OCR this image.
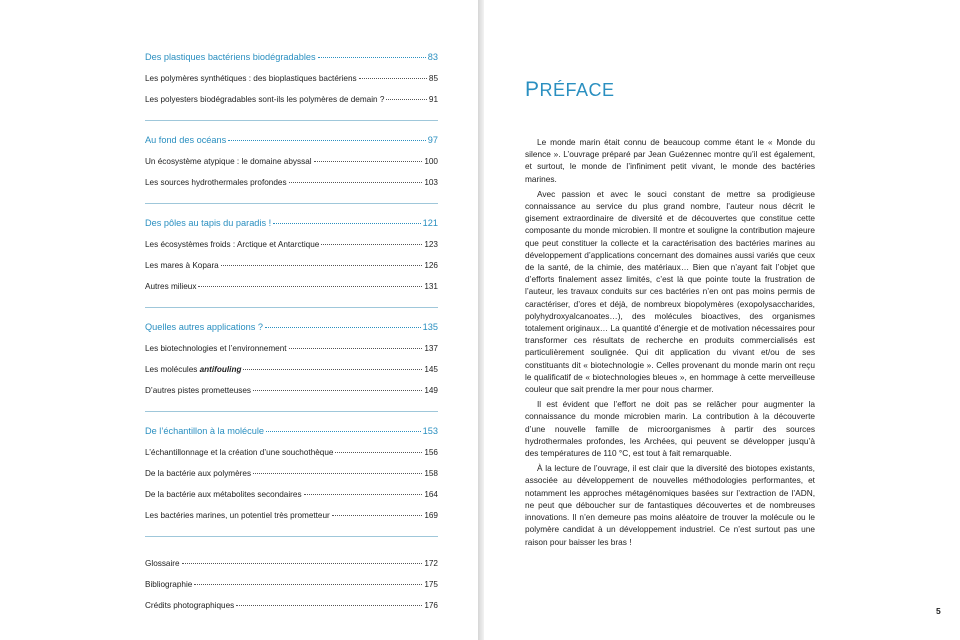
Des plastiques bactériens biodégradables	83
Les polymères synthétiques : des bioplastiques bactériens	85
Les polyesters biodégradables sont-ils les polymères de demain ?	91
Au fond des océans	97
Un écosystème atypique : le domaine abyssal	100
Les sources hydrothermales profondes	103
Des pôles au tapis du paradis !	121
Les écosystèmes froids : Arctique et Antarctique	123
Les mares à Kopara	126
Autres milieux	131
Quelles autres applications ?	135
Les biotechnologies et l’environnement	137
Les molécules antifouling	145
D’autres pistes prometteuses	149
De l’échantillon à la molécule	153
L’échantillonnage et la création d’une souchothèque	156
De la bactérie aux polymères	158
De la bactérie aux métabolites secondaires	164
Les bactéries marines, un potentiel très prometteur	169
Glossaire	172
Bibliographie	175
Crédits photographiques	176
PRÉFACE

Le monde marin était connu de beaucoup comme étant le « Monde du silence ». L’ouvrage préparé par Jean Guézennec montre qu’il est également, et surtout, le monde de l’infiniment petit vivant, le monde des bactéries marines.

Avec passion et avec le souci constant de mettre sa prodigieuse connaissance au service du plus grand nombre, l’auteur nous décrit le gisement extraordinaire de diversité et de découvertes que constitue cette composante du monde microbien. Il montre et souligne la contribution majeure que peut constituer la collecte et la caractérisation des bactéries marines au développement d’applications concernant des domaines aussi variés que ceux de la santé, de la chimie, des matériaux… Bien que n’ayant fait l’objet que d’efforts finalement assez limités, c’est là que pointe toute la frustration de l’auteur, les travaux conduits sur ces bactéries n’en ont pas moins permis de caractériser, d’ores et déjà, de nombreux biopolymères (exopolysaccharides, polyhydroxyalcanoates…), des molécules bioactives, des organismes totalement originaux… La quantité d’énergie et de motivation nécessaires pour transformer ces résultats de recherche en produits commercialisés est particulièrement soulignée. Qui dit application du vivant et/ou de ses constituants dit « biotechnologie ». Celles provenant du monde marin ont reçu le qualificatif de « biotechnologies bleues », en hommage à cette merveilleuse couleur que sait prendre la mer pour nous charmer.

Il est évident que l’effort ne doit pas se relâcher pour augmenter la connaissance du monde microbien marin. La contribution à la découverte d’une nouvelle famille de microorganismes à partir des sources hydrothermales profondes, les Archées, qui peuvent se développer jusqu’à des températures de 110 °C, est tout à fait remarquable.

À la lecture de l’ouvrage, il est clair que la diversité des biotopes existants, associée au développement de nouvelles méthodologies performantes, et notamment les approches métagénomiques basées sur l’extraction de l’ADN, ne peut que déboucher sur de fantastiques découvertes et de nombreuses innovations. Il n’en demeure pas moins aléatoire de trouver la molécule ou le polymère candidat à un développement industriel. Ce n’est surtout pas une raison pour baisser les bras !

5
